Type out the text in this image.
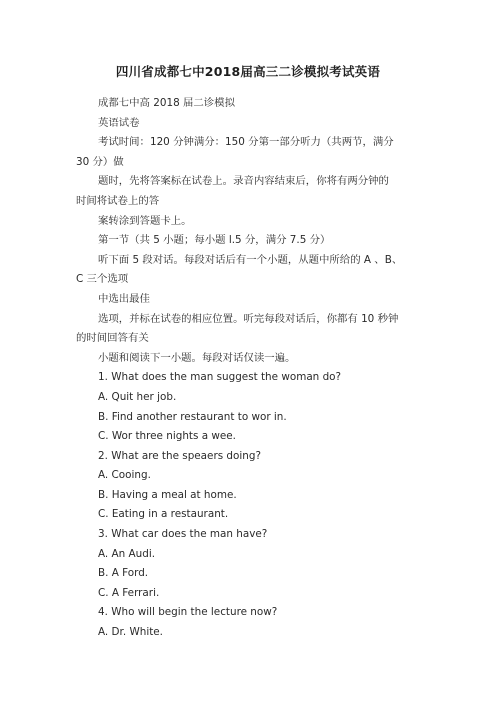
四川省成都七中2018届高三二诊模拟考试英语
成都七中高 2018 届二诊模拟
英语试卷
考试时间：120 分钟满分：150 分第一部分听力（共两节，满分
30 分）做
题时，先将答案标在试卷上。录音内容结束后，你将有两分钟的
时间将试卷上的答
案转涂到答题卡上。
第一节（共 5 小题；每小题 l.5 分，满分 7.5 分）
听下面 5 段对话。每段对话后有一个小题，从题中所给的 A 、B、
C 三个选项
中选出最佳
选项，并标在试卷的相应位置。听完每段对话后，你都有 10 秒钟
的时间回答有关
小题和阅读下一小题。每段对话仅读一遍。
1. What does the man suggest the woman do?
A. Quit her job.
B. Find another restaurant to wor in.
C. Wor three nights a wee.
2. What are the speaers doing?
A. Cooing.
B. Having a meal at home.
C. Eating in a restaurant.
3. What car does the man have?
A. An Audi.
B. A Ford.
C. A Ferrari.
4. Who will begin the lecture now?
A. Dr. White.
